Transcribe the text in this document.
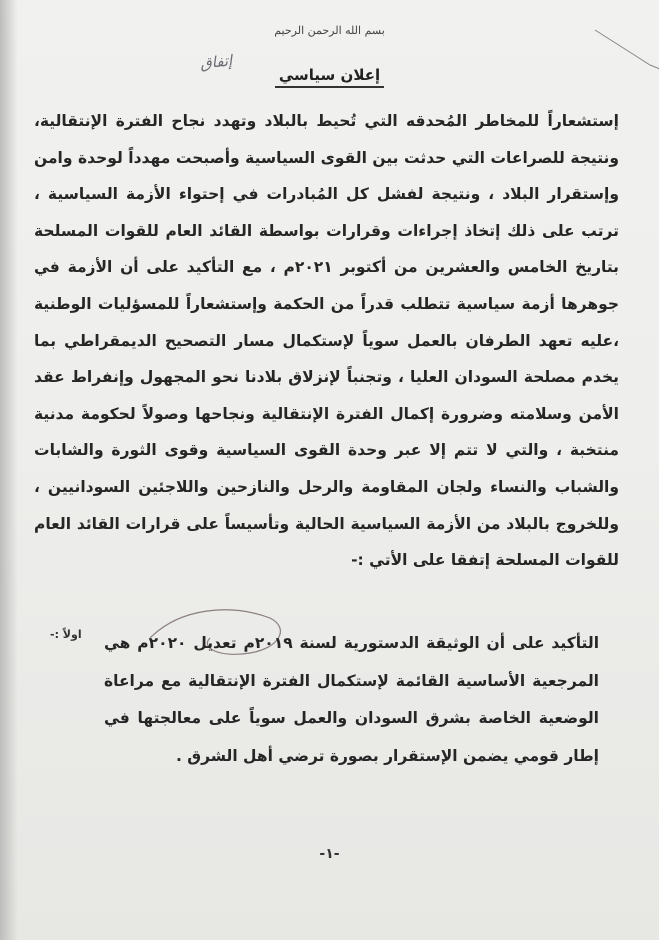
بسم الله الرحمن الرحيم
إتفاق
إعلان سياسي
إستشعاراً للمخاطر المُحدقه التي تُحيط بالبلاد وتهدد نجاح الفترة الإنتقالية، ونتيجة للصراعات التي حدثت بين القوى السياسية وأصبحت مهدداً لوحدة وامن وإستقرار البلاد ، ونتيجة لفشل كل المُبادرات في إحتواء الأزمة السياسية ، ترتب على ذلك إتخاذ إجراءات وقرارات بواسطة القائد العام للقوات المسلحة بتاريخ الخامس والعشرين من أكتوبر ٢٠٢١م ، مع التأكيد على أن الأزمة في جوهرها أزمة سياسية تتطلب قدراً من الحكمة وإستشعاراً للمسؤليات الوطنية ،عليه تعهد الطرفان بالعمل سوياً لإستكمال مسار التصحيح الديمقراطي بما يخدم مصلحة السودان العليا ، وتجنباً لإنزلاق بلادنا نحو المجهول وإنفراط عقد الأمن وسلامته وضرورة إكمال الفترة الإنتقالية ونجاحها وصولاً لحكومة مدنية منتخبة ، والتي لا تتم إلا عبر وحدة القوى السياسية وقوى الثورة والشابات والشباب والنساء ولجان المقاومة والرحل والنازحين واللاجئين السودانيين ، وللخروج بالبلاد من الأزمة السياسية الحالية وتأسيساً على قرارات القائد العام للقوات المسلحة إتفقا على الأتي :-
اولاً :- التأكيد على أن الوثيقة الدستورية لسنة ٢٠١٩م تعديل ٢٠٢٠م هي المرجعية الأساسية القائمة لإستكمال الفترة الإنتقالية مع مراعاة الوضعية الخاصة بشرق السودان والعمل سوياً على معالجتها في إطار قومي يضمن الإستقرار بصورة ترضي أهل الشرق .
-١-
